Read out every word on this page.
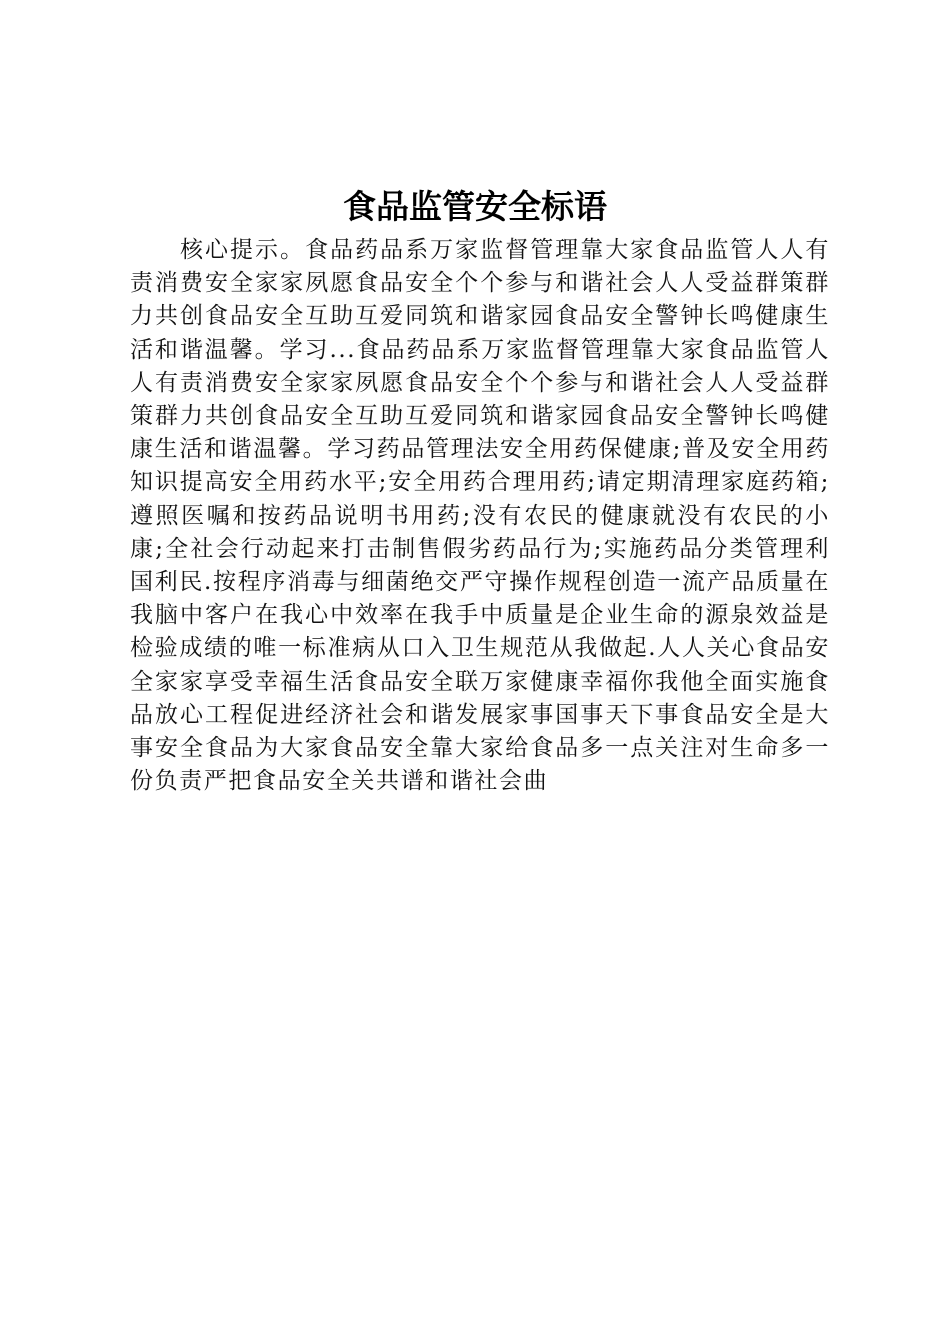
食品监管安全标语

核心提示。食品药品系万家监督管理靠大家食品监管人人有责消费安全家家夙愿食品安全个个参与和谐社会人人受益群策群力共创食品安全互助互爱同筑和谐家园食品安全警钟长鸣健康生活和谐温馨。学习...食品药品系万家监督管理靠大家食品监管人人有责消费安全家家夙愿食品安全个个参与和谐社会人人受益群策群力共创食品安全互助互爱同筑和谐家园食品安全警钟长鸣健康生活和谐温馨。学习药品管理法安全用药保健康;普及安全用药知识提高安全用药水平;安全用药合理用药;请定期清理家庭药箱;遵照医嘱和按药品说明书用药;没有农民的健康就没有农民的小康;全社会行动起来打击制售假劣药品行为;实施药品分类管理利国利民.按程序消毒与细菌绝交严守操作规程创造一流产品质量在我脑中客户在我心中效率在我手中质量是企业生命的源泉效益是检验成绩的唯一标准病从口入卫生规范从我做起.人人关心食品安全家家享受幸福生活食品安全联万家健康幸福你我他全面实施食品放心工程促进经济社会和谐发展家事国事天下事食品安全是大事安全食品为大家食品安全靠大家给食品多一点关注对生命多一份负责严把食品安全关共谱和谐社会曲
